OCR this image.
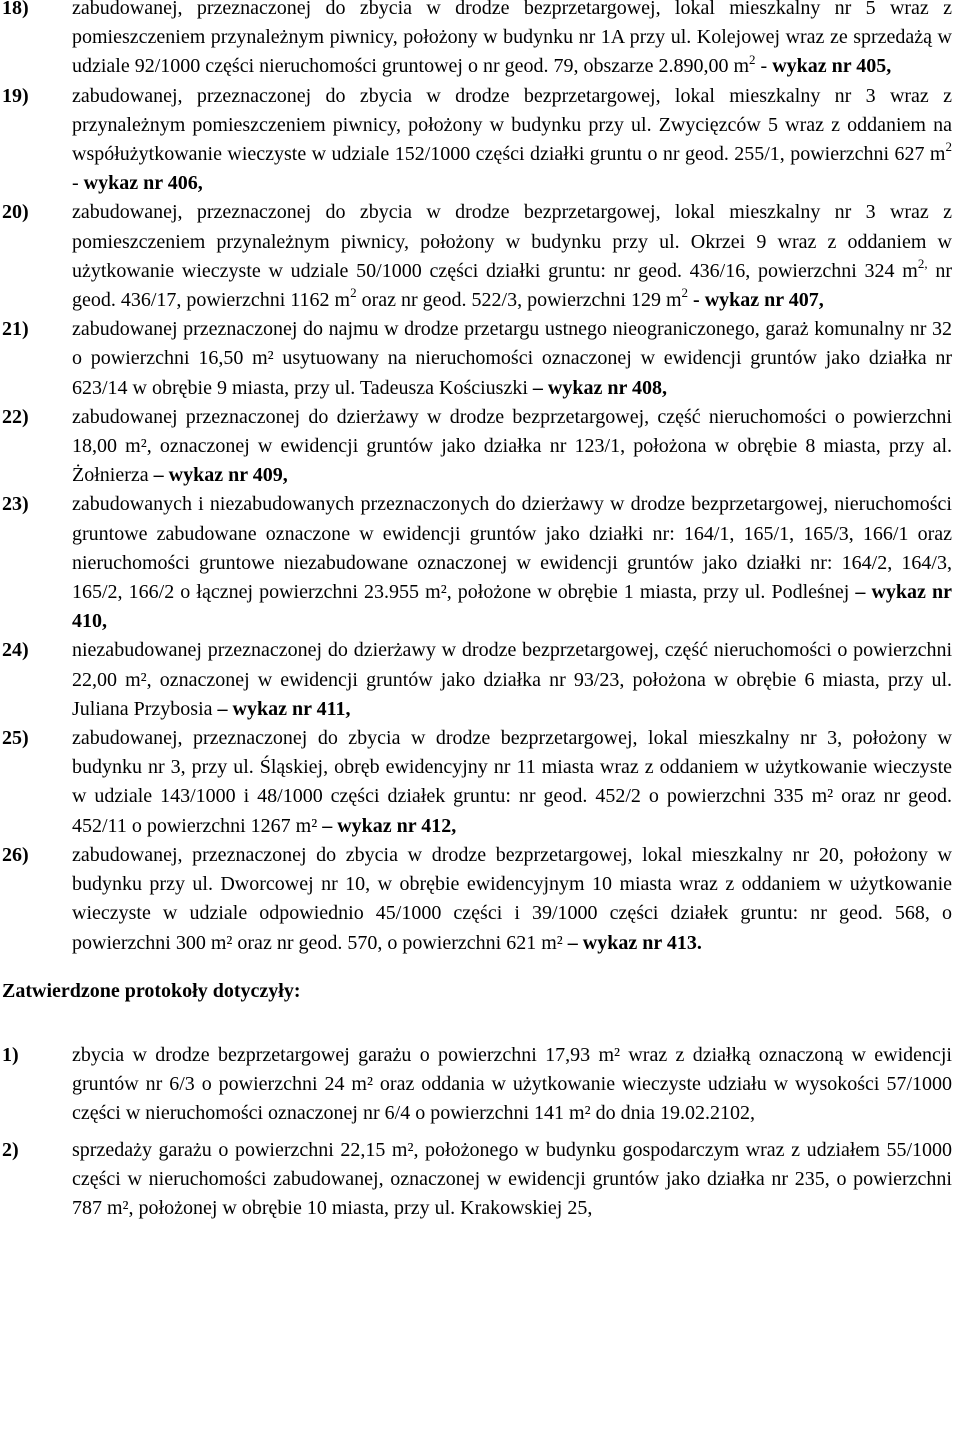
18)	zabudowanej, przeznaczonej do zbycia w drodze bezprzetargowej, lokal mieszkalny nr 5 wraz z pomieszczeniem przynależnym piwnicy, położony w budynku nr 1A przy ul. Kolejowej wraz ze sprzedażą w udziale 92/1000 części nieruchomości gruntowej o nr geod. 79, obszarze 2.890,00 $m^2$ - wykaz nr 405,
19)	zabudowanej, przeznaczonej do zbycia w drodze bezprzetargowej, lokal mieszkalny nr 3 wraz z przynależnym pomieszczeniem piwnicy, położony w budynku przy ul. Zwycięzców 5 wraz z oddaniem na współużytkowanie wieczyste w udziale 152/1000 części działki gruntu o nr geod. 255/1, powierzchni 627 $m^2$ - wykaz nr 406,
20)	zabudowanej, przeznaczonej do zbycia w drodze bezprzetargowej, lokal mieszkalny nr 3 wraz z pomieszczeniem przynależnym piwnicy, położony w budynku przy ul. Okrzei 9 wraz z oddaniem w użytkowanie wieczyste w udziale 50/1000 części działki gruntu: nr geod. 436/16, powierzchni 324 $m^{2,}$ nr geod. 436/17, powierzchni 1162 $m^2$ oraz nr geod. 522/3, powierzchni 129 $m^2$ - wykaz nr 407,
21)	zabudowanej przeznaczonej do najmu w drodze przetargu ustnego nieograniczonego, garaż komunalny nr 32 o powierzchni 16,50 m² usytuowany na nieruchomości oznaczonej w ewidencji gruntów jako działka nr 623/14 w obrębie 9 miasta, przy ul. Tadeusza Kościuszki – wykaz nr 408,
22)	zabudowanej przeznaczonej do dzierżawy w drodze bezprzetargowej, część nieruchomości o powierzchni 18,00 m², oznaczonej w ewidencji gruntów jako działka nr 123/1, położona w obrębie 8 miasta, przy al. Żołnierza – wykaz nr 409,
23)	zabudowanych i niezabudowanych przeznaczonych do dzierżawy w drodze bezprzetargowej, nieruchomości gruntowe zabudowane oznaczone w ewidencji gruntów jako działki nr: 164/1, 165/1, 165/3, 166/1 oraz nieruchomości gruntowe niezabudowane oznaczonej w ewidencji gruntów jako działki nr: 164/2, 164/3, 165/2, 166/2 o łącznej powierzchni 23.955 m², położone w obrębie 1 miasta, przy ul. Podleśnej – wykaz nr 410,
24)	niezabudowanej przeznaczonej do dzierżawy w drodze bezprzetargowej, część nieruchomości o powierzchni 22,00 m², oznaczonej w ewidencji gruntów jako działka nr 93/23, położona w obrębie 6 miasta, przy ul. Juliana Przybosia – wykaz nr 411,
25)	zabudowanej, przeznaczonej do zbycia w drodze bezprzetargowej, lokal mieszkalny nr 3, położony w budynku nr 3, przy ul. Śląskiej, obręb ewidencyjny nr 11 miasta wraz z oddaniem w użytkowanie wieczyste w udziale 143/1000 i 48/1000 części działek gruntu: nr geod. 452/2 o powierzchni 335 m² oraz nr geod. 452/11 o powierzchni 1267 m² – wykaz nr 412,
26)	zabudowanej, przeznaczonej do zbycia w drodze bezprzetargowej, lokal mieszkalny nr 20, położony w budynku przy ul. Dworcowej nr 10, w obrębie ewidencyjnym 10 miasta wraz z oddaniem w użytkowanie wieczyste w udziale odpowiednio 45/1000 części i 39/1000 części działek gruntu: nr geod. 568, o powierzchni 300 m² oraz nr geod. 570, o powierzchni 621 m² – wykaz nr 413.
Zatwierdzone protokoły dotyczyły:
1)	zbycia w drodze bezprzetargowej garażu o powierzchni 17,93 m² wraz z działką oznaczoną w ewidencji gruntów nr 6/3 o powierzchni 24 m² oraz oddania w użytkowanie wieczyste udziału w wysokości 57/1000 części w nieruchomości oznaczonej nr 6/4 o powierzchni 141 m² do dnia 19.02.2102,
2)	sprzedaży garażu o powierzchni 22,15 m², położonego w budynku gospodarczym wraz z udziałem 55/1000 części w nieruchomości zabudowanej, oznaczonej w ewidencji gruntów jako działka nr 235, o powierzchni 787 m², położonej w obrębie 10 miasta, przy ul. Krakowskiej 25,
